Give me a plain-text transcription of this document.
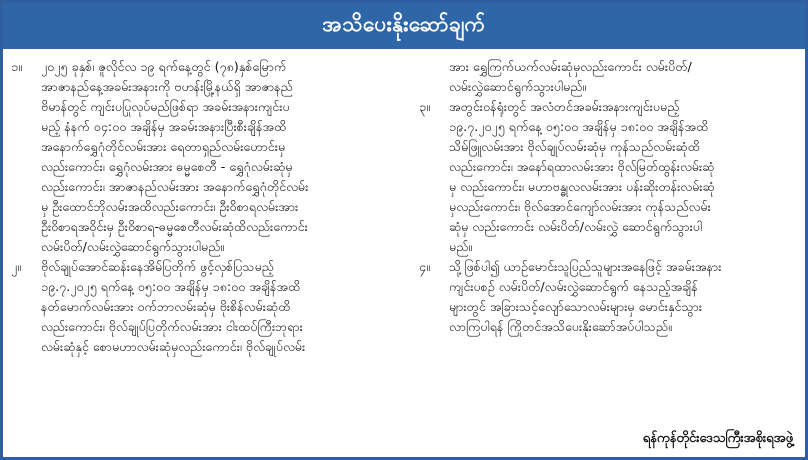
အသိပေးနိုးဆော်ချက်
၁။	၂၀၂၅ ခုနှစ်၊ ဇူလိုင်လ ၁၉ ရက်နေ့တွင် (၇၈)နှစ်မြောက်
အာဇာနည်နေ့အခမ်းအနားကို ဗဟန်းမြို့နယ်ရှိ အာဇာနည်
ဗိမာန်တွင် ကျင်းပပြုလုပ်မည်ဖြစ်ရာ အခမ်းအနားကျင်းပ
မည့် နံနက် ၀၄:၀၀ အချိန်မှ အခမ်းအနားပြီးစီးချိန်အထိ
အနောက်ရွှေဂုံတိုင်လမ်းအား ရေတာရှည်လမ်းဟောင်းမှ
လည်းကောင်း၊ ရွှေဂုံလမ်းအား ဓမ္မစေတီ - ရွှေဂုံလမ်းဆုံမှ
လည်းကောင်း၊ အာဇာနည်လမ်းအား အနောက်ရွှေဂုံတိုင်လမ်း
မှ ဦးထောင်ဘိုလမ်းအထိလည်းကောင်း၊ ဦးဝိစာရလမ်းအား
ဦးဝိစာရအဝိုင်းမှ ဦးဝိစာရ-ဓမ္မစေတီလမ်းဆုံထိလည်းကောင်း
လမ်းပိတ်/လမ်းလွှဲဆောင်ရွက်သွားပါမည်။
၂။	ဗိုလ်ချုပ်အောင်ဆန်းနေအိမ်ပြတိုက် ဖွင့်လှစ်ပြသမည့်
၁၉.၇.၂၀၂၅ ရက်နေ့ ၀၅:၀၀ အချိန်မှ ၁၈:၀၀ အချိန်အထိ
နတ်မောက်လမ်းအား ဝက်ဘာလမ်းဆုံမှ ဗိုးစိန်လမ်းဆုံထိ
လည်းကောင်း၊ ဗိုလ်ချုပ်ပြတိုက်လမ်းအား ငါးထပ်ကြီးဘုရား
လမ်းဆုံနှင့် စောမဟာလမ်းဆုံမှလည်းကောင်း၊ ဗိုလ်ချုပ်လမ်း
အား ရွှေကြက်ယက်လမ်းဆုံမှလည်းကောင်း လမ်းပိတ်/
လမ်းလွှဲဆောင်ရွက်သွားပါမည်။
၃။	အတွင်းဝန်ရုံးတွင် အလံတင်အခမ်းအနားကျင်းပမည့်
၁၉.၇.၂၀၂၅ ရက်နေ့ ၀၅:၀၀ အချိန်မှ ၁၈:၀၀ အချိန်အထိ
သိမ်ဖြူလမ်းအား ဗိုလ်ချုပ်လမ်းဆုံမှ ကုန်သည်လမ်းဆုံထိ
လည်းကောင်း၊ အနော်ရထာလမ်းအား ဗိုလ်မြတ်ထွန်းလမ်းဆုံ
မှ လည်းကောင်း၊ မဟာဗန္ဓုလလမ်းအား ပန်းဆိုးတန်းလမ်းဆုံ
မှလည်းကောင်း၊ ဗိုလ်အောင်ကျော်လမ်းအား ကုန်သည်လမ်း
ဆုံမှ လည်းကောင်း လမ်းပိတ်/လမ်းလွှဲ ဆောင်ရွက်သွားပါ
မည်။
၄။	သို့ဖြစ်ပါ၍ ယာဉ်မောင်းသူပြည်သူများအနေဖြင့် အခမ်းအနား
ကျင်းပစဉ် လမ်းပိတ်/လမ်းလွှဲဆောင်ရွက် နေသည့်အချိန်
များတွင် အခြားသင့်လျော်သောလမ်းများမှ မောင်းနှင်သွား
လာကြပါရန် ကြိုတင်အသိပေးနိုးဆော်အပ်ပါသည်။
ရန်ကုန်တိုင်းဒေသကြီးအစိုးရအဖွဲ့
